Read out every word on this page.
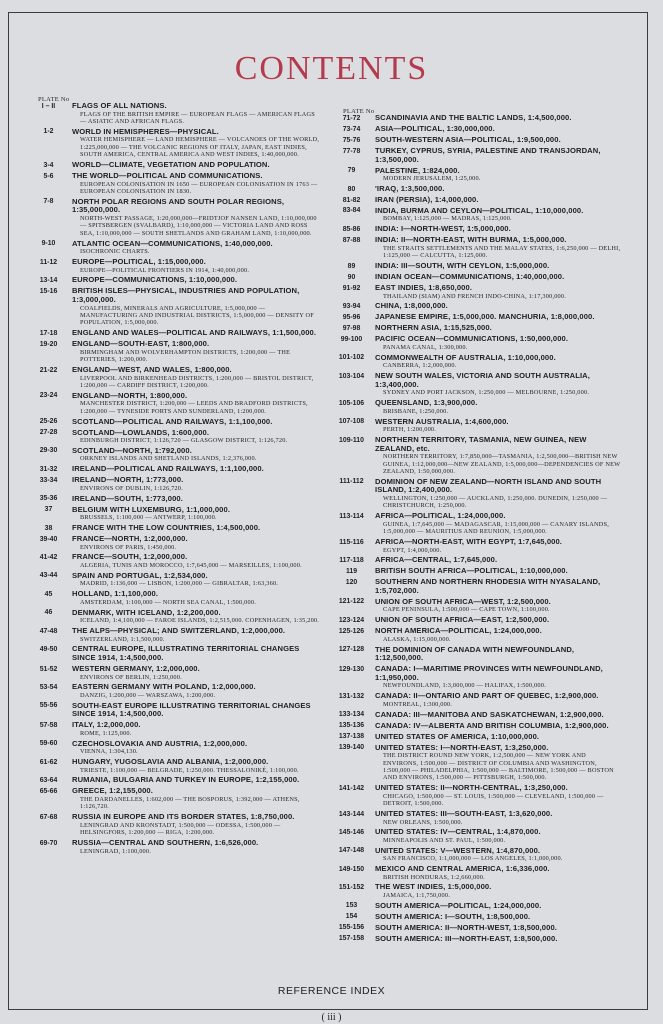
CONTENTS
PLATE No
PLATE No
I – II	FLAGS OF ALL NATIONS.
FLAGS OF THE BRITISH EMPIRE — EUROPEAN FLAGS — AMERICAN FLAGS — ASIATIC AND AFRICAN FLAGS.
1-2	WORLD IN HEMISPHERES—PHYSICAL.
WATER HEMISPHERE — LAND HEMISPHERE — VOLCANOES OF THE WORLD, 1:225,000,000 — THE VOLCANIC REGIONS OF ITALY, JAPAN, EAST INDIES, SOUTH AMERICA, CENTRAL AMERICA AND WEST INDIES, 1:40,000,000.
3-4	WORLD—CLIMATE, VEGETATION AND POPULATION.
5-6	THE WORLD—POLITICAL AND COMMUNICATIONS.
EUROPEAN COLONISATION IN 1650 — EUROPEAN COLONISATION IN 1763 — EUROPEAN COLONISATION IN 1830.
7-8	NORTH POLAR REGIONS AND SOUTH POLAR REGIONS, 1:35,000,000.
NORTH-WEST PASSAGE, 1:20,000,000—FRIDTJOF NANSEN LAND, 1:10,000,000 — SPITSBERGEN (SVALBARD), 1:10,000,000 — VICTORIA LAND AND ROSS SEA, 1:10,000,000 — SOUTH SHETLANDS AND GRAHAM LAND, 1:10,000,000.
9-10	ATLANTIC OCEAN—COMMUNICATIONS, 1:40,000,000.
ISOCHRONIC CHARTS.
11-12	EUROPE—POLITICAL, 1:15,000,000.
EUROPE—POLITICAL FRONTIERS IN 1914, 1:40,000,000.
13-14	EUROPE—COMMUNICATIONS, 1:10,000,000.
15-16	BRITISH ISLES—PHYSICAL, INDUSTRIES AND POPULATION, 1:3,000,000.
COALFIELDS, MINERALS AND AGRICULTURE, 1:5,000,000 — MANUFACTURING AND INDUSTRIAL DISTRICTS, 1:5,000,000 — DENSITY OF POPULATION, 1:5,000,000.
17-18	ENGLAND AND WALES—POLITICAL AND RAILWAYS, 1:1,500,000.
19-20	ENGLAND—SOUTH-EAST, 1:800,000.
BIRMINGHAM AND WOLVERHAMPTON DISTRICTS, 1:200,000 — THE POTTERIES, 1:200,000.
21-22	ENGLAND—WEST, AND WALES, 1:800,000.
LIVERPOOL AND BIRKENHEAD DISTRICTS, 1:200,000 — BRISTOL DISTRICT, 1:200,000 — CARDIFF DISTRICT, 1:200,000.
23-24	ENGLAND—NORTH, 1:800,000.
MANCHESTER DISTRICT, 1:200,000 — LEEDS AND BRADFORD DISTRICTS, 1:200,000 — TYNESIDE PORTS AND SUNDERLAND, 1:200,000.
25-26	SCOTLAND—POLITICAL AND RAILWAYS, 1:1,100,000.
27-28	SCOTLAND—LOWLANDS, 1:600,000.
EDINBURGH DISTRICT, 1:126,720 — GLASGOW DISTRICT, 1:126,720.
29-30	SCOTLAND—NORTH, 1:792,000.
ORKNEY ISLANDS AND SHETLAND ISLANDS, 1:2,376,000.
31-32	IRELAND—POLITICAL AND RAILWAYS, 1:1,100,000.
33-34	IRELAND—NORTH, 1:773,000.
ENVIRONS OF DUBLIN, 1:126,720.
35-36	IRELAND—SOUTH, 1:773,000.
37	BELGIUM WITH LUXEMBURG, 1:1,000,000.
BRUSSELS, 1:100,000 — ANTWERP, 1:100,000.
38	FRANCE WITH THE LOW COUNTRIES, 1:4,500,000.
39-40	FRANCE—NORTH, 1:2,000,000.
ENVIRONS OF PARIS, 1:450,000.
41-42	FRANCE—SOUTH, 1:2,000,000.
ALGERIA, TUNIS AND MOROCCO, 1:7,645,000 — MARSEILLES, 1:100,000.
43-44	SPAIN AND PORTUGAL, 1:2,534,000.
MADRID, 1:136,000 — LISBON, 1:200,000 — GIBRALTAR, 1:63,360.
45	HOLLAND, 1:1,100,000.
AMSTERDAM, 1:100,000 — NORTH SEA CANAL, 1:500,000.
46	DENMARK, WITH ICELAND, 1:2,200,000.
ICELAND, 1:4,100,000 — FAROE ISLANDS, 1:2,515,000. COPENHAGEN, 1:35,200.
47-48	THE ALPS—PHYSICAL; AND SWITZERLAND, 1:2,000,000.
SWITZERLAND, 1:1,500,000.
49-50	CENTRAL EUROPE, ILLUSTRATING TERRITORIAL CHANGES SINCE 1914, 1:4,500,000.
51-52	WESTERN GERMANY, 1:2,000,000.
ENVIRONS OF BERLIN, 1:250,000.
53-54	EASTERN GERMANY WITH POLAND, 1:2,000,000.
DANZIG, 1:200,000 — WARSZAWA, 1:200,000.
55-56	SOUTH-EAST EUROPE ILLUSTRATING TERRITORIAL CHANGES SINCE 1914, 1:4,500,000.
57-58	ITALY, 1:2,000,000.
ROME, 1:125,000.
59-60	CZECHOSLOVAKIA AND AUSTRIA, 1:2,000,000.
VIENNA, 1:304,130.
61-62	HUNGARY, YUGOSLAVIA AND ALBANIA, 1:2,000,000.
TRIESTE, 1:100,000 — BELGRADE, 1:250,000. THESSALONIKÉ, 1:100,000.
63-64	RUMANIA, BULGARIA AND TURKEY IN EUROPE, 1:2,155,000.
65-66	GREECE, 1:2,155,000.
THE DARDANELLES, 1:602,000 — THE BOSPORUS, 1:392,000 — ATHENS, 1:126,720.
67-68	RUSSIA IN EUROPE AND ITS BORDER STATES, 1:8,750,000.
LENINGRAD AND KRONSTADT, 1:500,000 — ODESSA, 1:500,000 — HELSINGFORS, 1:200,000 — RIGA, 1:200,000.
69-70	RUSSIA—CENTRAL AND SOUTHERN, 1:6,526,000.
LENINGRAD, 1:100,000.
71-72	SCANDINAVIA AND THE BALTIC LANDS, 1:4,500,000.
73-74	ASIA—POLITICAL, 1:30,000,000.
75-76	SOUTH-WESTERN ASIA—POLITICAL, 1:9,500,000.
77-78	TURKEY, CYPRUS, SYRIA, PALESTINE AND TRANSJORDAN, 1:3,500,000.
79	PALESTINE, 1:824,000.
MODERN JERUSALEM, 1:25,000.
80	'IRAQ, 1:3,500,000.
81-82	IRAN (PERSIA), 1:4,000,000.
83-84	INDIA, BURMA AND CEYLON—POLITICAL, 1:10,000,000.
BOMBAY, 1:125,000 — MADRAS, 1:125,000.
85-86	INDIA: I—NORTH-WEST, 1:5,000,000.
87-88	INDIA: II—NORTH-EAST, WITH BURMA, 1:5,000,000.
THE STRAITS SETTLEMENTS AND THE MALAY STATES, 1:6,250,000 — DELHI, 1:125,000 — CALCUTTA, 1:125,000.
89	INDIA: III—SOUTH, WITH CEYLON, 1:5,000,000.
90	INDIAN OCEAN—COMMUNICATIONS, 1:40,000,000.
91-92	EAST INDIES, 1:8,650,000.
THAILAND (SIAM) AND FRENCH INDO-CHINA, 1:17,300,000.
93-94	CHINA, 1:8,000,000.
95-96	JAPANESE EMPIRE, 1:5,000,000. MANCHURIA, 1:8,000,000.
97-98	NORTHERN ASIA, 1:15,525,000.
99-100	PACIFIC OCEAN—COMMUNICATIONS, 1:50,000,000.
PANAMA CANAL, 1:300,000.
101-102	COMMONWEALTH OF AUSTRALIA, 1:10,000,000.
CANBERRA, 1:2,000,000.
103-104	NEW SOUTH WALES, VICTORIA AND SOUTH AUSTRALIA, 1:3,400,000.
SYDNEY AND PORT JACKSON, 1:250,000 — MELBOURNE, 1:250,000.
105-106	QUEENSLAND, 1:3,900,000.
BRISBANE, 1:250,000.
107-108	WESTERN AUSTRALIA, 1:4,600,000.
PERTH, 1:200,000.
109-110	NORTHERN TERRITORY, TASMANIA, NEW GUINEA, NEW ZEALAND, etc.
NORTHERN TERRITORY, 1:7,850,000—TASMANIA, 1:2,500,000—BRITISH NEW GUINEA, 1:12,000,000—NEW ZEALAND, 1:5,000,000—DEPENDENCIES OF NEW ZEALAND, 1:50,000,000.
111-112	DOMINION OF NEW ZEALAND—NORTH ISLAND AND SOUTH ISLAND, 1:2,400,000.
WELLINGTON, 1:250,000 — AUCKLAND, 1:250,000. DUNEDIN, 1:250,000 — CHRISTCHURCH, 1:250,000.
113-114	AFRICA—POLITICAL, 1:24,000,000.
GUINEA, 1:7,645,000 — MADAGASCAR, 1:15,000,000 — CANARY ISLANDS, 1:5,000,000 — MAURITIUS AND REUNION, 1:5,000,000.
115-116	AFRICA—NORTH-EAST, WITH EGYPT, 1:7,645,000.
EGYPT, 1:4,000,000.
117-118	AFRICA—CENTRAL, 1:7,645,000.
119	BRITISH SOUTH AFRICA—POLITICAL, 1:10,000,000.
120	SOUTHERN AND NORTHERN RHODESIA WITH NYASALAND, 1:5,702,000.
121-122	UNION OF SOUTH AFRICA—WEST, 1:2,500,000.
CAPE PENINSULA, 1:500,000 — CAPE TOWN, 1:100,000.
123-124	UNION OF SOUTH AFRICA—EAST, 1:2,500,000.
125-126	NORTH AMERICA—POLITICAL, 1:24,000,000.
ALASKA, 1:15,000,000.
127-128	THE DOMINION OF CANADA WITH NEWFOUNDLAND, 1:12,500,000.
129-130	CANADA: I—MARITIME PROVINCES WITH NEWFOUNDLAND, 1:1,950,000.
NEWFOUNDLAND, 1:3,000,000 — HALIFAX, 1:500,000.
131-132	CANADA: II—ONTARIO AND PART OF QUEBEC, 1:2,900,000.
MONTREAL, 1:300,000.
133-134	CANADA: III—MANITOBA AND SASKATCHEWAN, 1:2,900,000.
135-136	CANADA: IV—ALBERTA AND BRITISH COLUMBIA, 1:2,900,000.
137-138	UNITED STATES OF AMERICA, 1:10,000,000.
139-140	UNITED STATES: I—NORTH-EAST, 1:3,250,000.
THE DISTRICT ROUND NEW YORK, 1:2,500,000 — NEW YORK AND ENVIRONS, 1:500,000 — DISTRICT OF COLUMBIA AND WASHINGTON, 1:500,000 — PHILADELPHIA, 1:500,000 — BALTIMORE, 1:500,000 — BOSTON AND ENVIRONS, 1:500,000 — PITTSBURGH, 1:500,000.
141-142	UNITED STATES: II—NORTH-CENTRAL, 1:3,250,000.
CHICAGO, 1:500,000 — ST. LOUIS, 1:500,000 — CLEVELAND, 1:500,000 — DETROIT, 1:500,000.
143-144	UNITED STATES: III—SOUTH-EAST, 1:3,620,000.
NEW ORLEANS, 1:500,000.
145-146	UNITED STATES: IV—CENTRAL, 1:4,870,000.
MINNEAPOLIS AND ST. PAUL, 1:500,000.
147-148	UNITED STATES: V—WESTERN, 1:4,870,000.
SAN FRANCISCO, 1:1,000,000 — LOS ANGELES, 1:1,000,000.
149-150	MEXICO AND CENTRAL AMERICA, 1:6,336,000.
BRITISH HONDURAS, 1:2,660,000.
151-152	THE WEST INDIES, 1:5,000,000.
JAMAICA, 1:1,750,000.
153	SOUTH AMERICA—POLITICAL, 1:24,000,000.
154	SOUTH AMERICA: I—SOUTH, 1:8,500,000.
155-156	SOUTH AMERICA: II—NORTH-WEST, 1:8,500,000.
157-158	SOUTH AMERICA: III—NORTH-EAST, 1:8,500,000.
REFERENCE INDEX
( iii )
